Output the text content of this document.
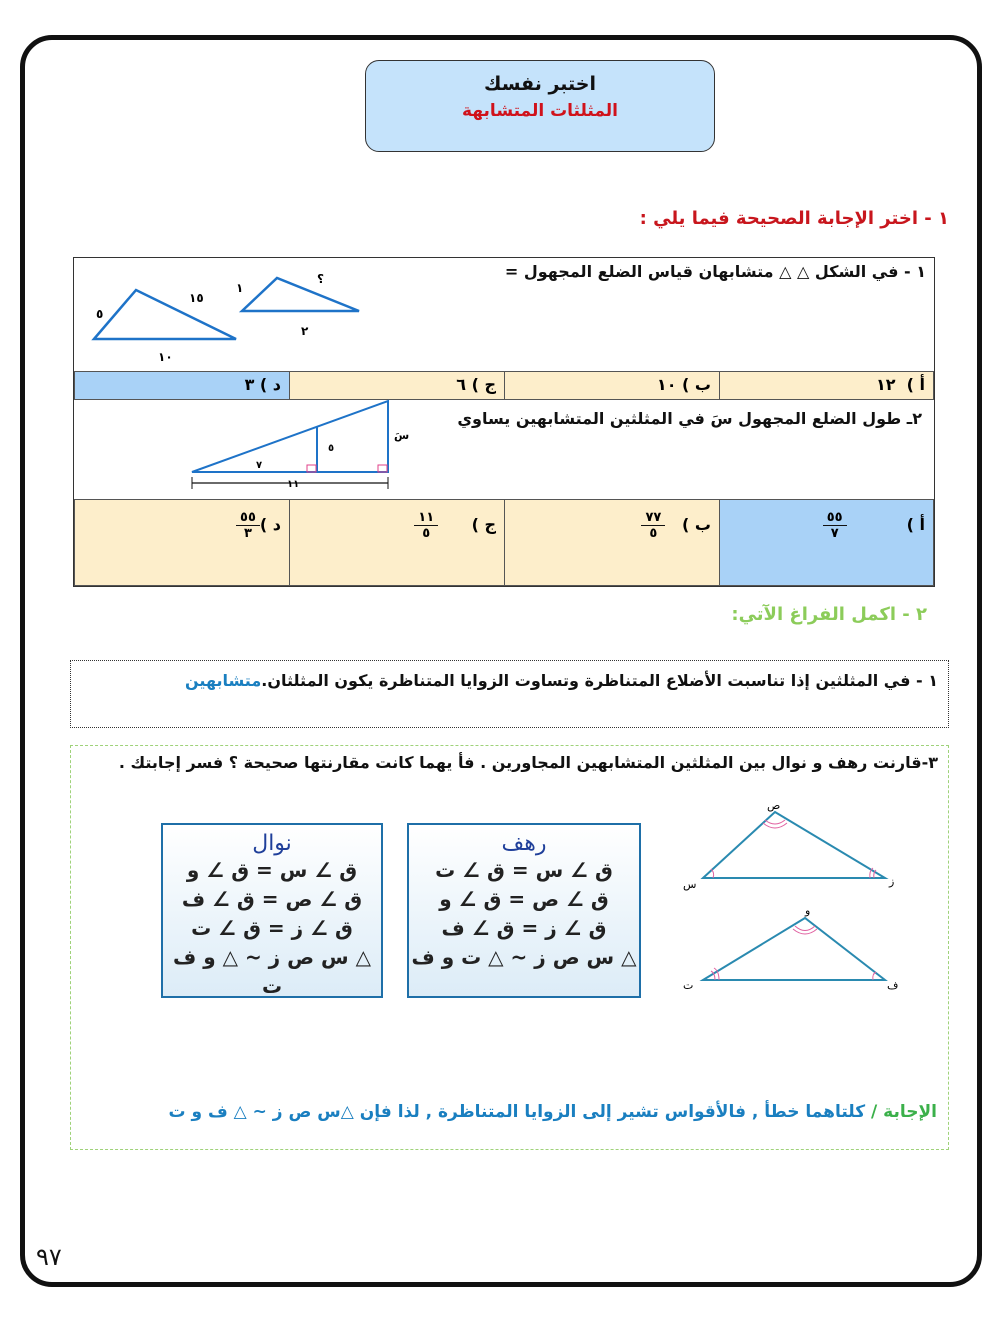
اختبر نفسك
المثلثات المتشابهة
١ - اختر الإجابة الصحيحة فيما يلي :
١ - في الشكل △ △ متشابهان قياس الضلع المجهول =
٥
١٥
١٠
١
؟
٢
أ )  ١٢
ب ) ١٠
ج ) ٦
د ) ٣
٢ـ طول الضلع المجهول سَ في المثلثين المتشابهين يساوي
سَ
٥
٧
١١
أ )
$\frac{٥٥}{٧}$
ب )
$\frac{٧٧}{٥}$
ج )
$\frac{١١}{٥}$
د )
$\frac{٥٥}{٣}$
٢ - اكمل الفراغ الآتي:
١ - في المثلثين إذا تناسبت الأضلاع المتناظرة وتساوت الزوايا المتناظرة يكون المثلثان.متشابهين
٣-قارنت رهف و نوال بين المثلثين المتشابهين المجاورين . فأ يهما كانت مقارنتها صحيحة ؟ فسر إجابتك .
رهف
ق ∠ س = ق ∠ ت
ق ∠ ص = ق ∠ و
ق ∠ ز = ق ∠ ف
△ س ص ز ~ △ ت و ف
نوال
ق ∠ س = ق ∠ و
ق ∠ ص = ق ∠ ف
ق ∠ ز = ق ∠ ت
△ س ص ز ~ △ و ف ت
ص
س	ز
و
ت	ف
الإجابة / كلتاهما خطأ , فالأقواس تشير إلى الزوايا المتناظرة , لذا فإن △س ص ز ~ △ ف و ت
٩٧
